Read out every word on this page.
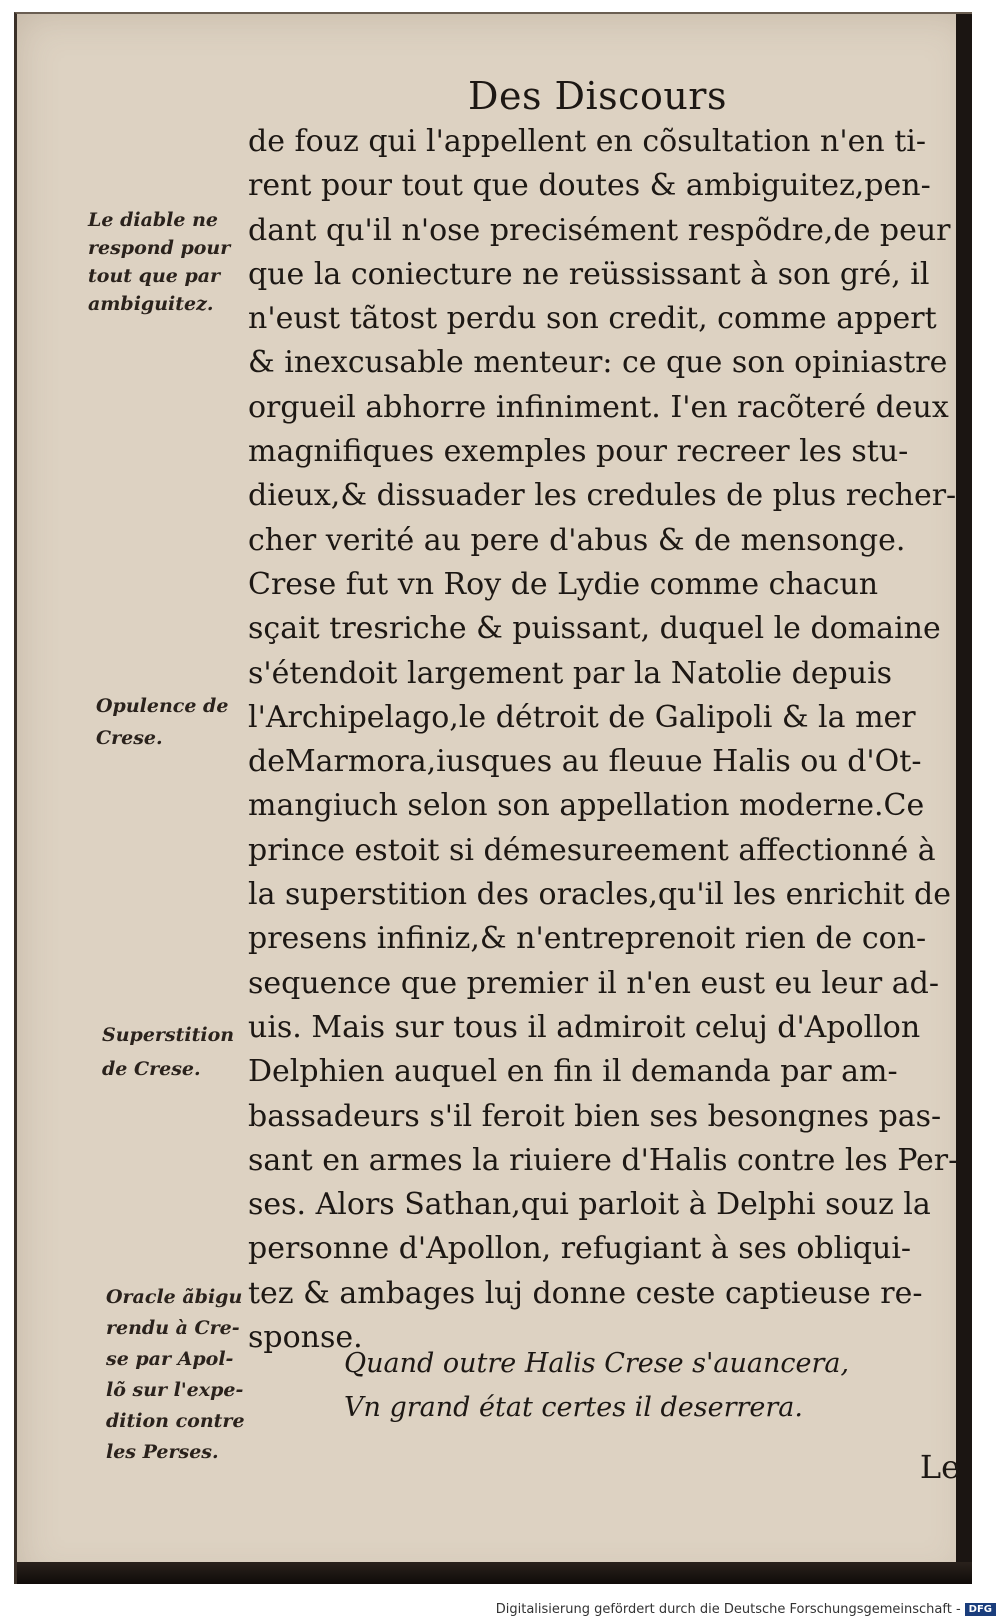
Des Discours
de fouz qui l'appellent en cõsultation n'en ti-
rent pour tout que doutes & ambiguitez,pen-
dant qu'il n'ose precisément respõdre,de peur
que la coniecture ne reüssissant à son gré, il
n'eust tãtost perdu son credit, comme appert
& inexcusable menteur: ce que son opiniastre
orgueil abhorre infiniment. I'en racõteré deux
magnifiques exemples pour recreer les stu-
dieux,& dissuader les credules de plus recher-
cher verité au pere d'abus & de mensonge.
Crese fut vn Roy de Lydie comme chacun
sçait tresriche & puissant, duquel le domaine
s'étendoit largement par la Natolie depuis
l'Archipelago,le détroit de Galipoli & la mer
deMarmora,iusques au fleuue Halis ou d'Ot-
mangiuch selon son appellation moderne.Ce
prince estoit si démesureement affectionné à
la superstition des oracles,qu'il les enrichit de
presens infiniz,& n'entreprenoit rien de con-
sequence que premier il n'en eust eu leur ad-
uis. Mais sur tous il admiroit celuj d'Apollon
Delphien auquel en fin il demanda par am-
bassadeurs s'il feroit bien ses besongnes pas-
sant en armes la riuiere d'Halis contre les Per-
ses. Alors Sathan,qui parloit à Delphi souz la
personne d'Apollon, refugiant à ses obliqui-
tez & ambages luj donne ceste captieuse re-
sponse.
Quand outre Halis Crese s'auancera,
Vn grand état certes il deserrera.
Le
Le diable ne
respond pour
tout que par
ambiguitez.
Opulence de
Crese.
Superstition
de Crese.
Oracle ãbigu
rendu à Cre-
se par Apol-
lõ sur l'expe-
dition contre
les Perses.
Digitalisierung gefördert durch die Deutsche Forschungsgemeinschaft - DFG
